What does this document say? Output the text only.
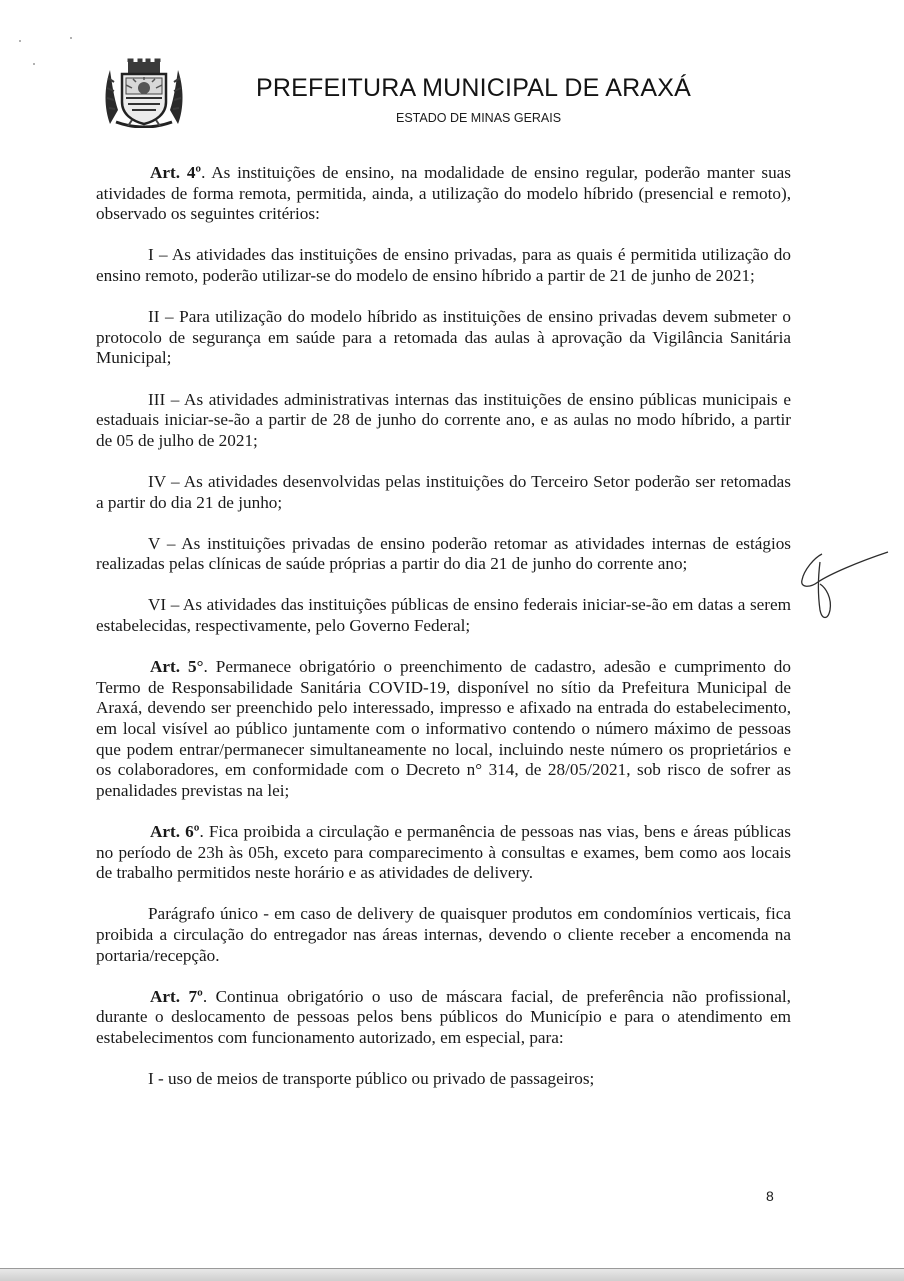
PREFEITURA MUNICIPAL DE ARAXÁ
ESTADO DE MINAS GERAIS

Art. 4º. As instituições de ensino, na modalidade de ensino regular, poderão manter suas atividades de forma remota, permitida, ainda, a utilização do modelo híbrido (presencial e remoto), observado os seguintes critérios:

I – As atividades das instituições de ensino privadas, para as quais é permitida utilização do ensino remoto, poderão utilizar-se do modelo de ensino híbrido a partir de 21 de junho de 2021;

II – Para utilização do modelo híbrido as instituições de ensino privadas devem submeter o protocolo de segurança em saúde para a retomada das aulas à aprovação da Vigilância Sanitária Municipal;

III – As atividades administrativas internas das instituições de ensino públicas municipais e estaduais iniciar-se-ão a partir de 28 de junho do corrente ano, e as aulas no modo híbrido, a partir de 05 de julho de 2021;

IV – As atividades desenvolvidas pelas instituições do Terceiro Setor poderão ser retomadas a partir do dia 21 de junho;

V – As instituições privadas de ensino poderão retomar as atividades internas de estágios realizadas pelas clínicas de saúde próprias a partir do dia 21 de junho do corrente ano;

VI – As atividades das instituições públicas de ensino federais iniciar-se-ão em datas a serem estabelecidas, respectivamente, pelo Governo Federal;

Art. 5°. Permanece obrigatório o preenchimento de cadastro, adesão e cumprimento do Termo de Responsabilidade Sanitária COVID-19, disponível no sítio da Prefeitura Municipal de Araxá, devendo ser preenchido pelo interessado, impresso e afixado na entrada do estabelecimento, em local visível ao público juntamente com o informativo contendo o número máximo de pessoas que podem entrar/permanecer simultaneamente no local, incluindo neste número os proprietários e os colaboradores, em conformidade com o Decreto n° 314, de 28/05/2021, sob risco de sofrer as penalidades previstas na lei;

Art. 6º. Fica proibida a circulação e permanência de pessoas nas vias, bens e áreas públicas no período de 23h às 05h, exceto para comparecimento à consultas e exames, bem como aos locais de trabalho permitidos neste horário e as atividades de delivery.

Parágrafo único - em caso de delivery de quaisquer produtos em condomínios verticais, fica proibida a circulação do entregador nas áreas internas, devendo o cliente receber a encomenda na portaria/recepção.

Art. 7º. Continua obrigatório o uso de máscara facial, de preferência não profissional, durante o deslocamento de pessoas pelos bens públicos do Município e para o atendimento em estabelecimentos com funcionamento autorizado, em especial, para:

I - uso de meios de transporte público ou privado de passageiros;

8
